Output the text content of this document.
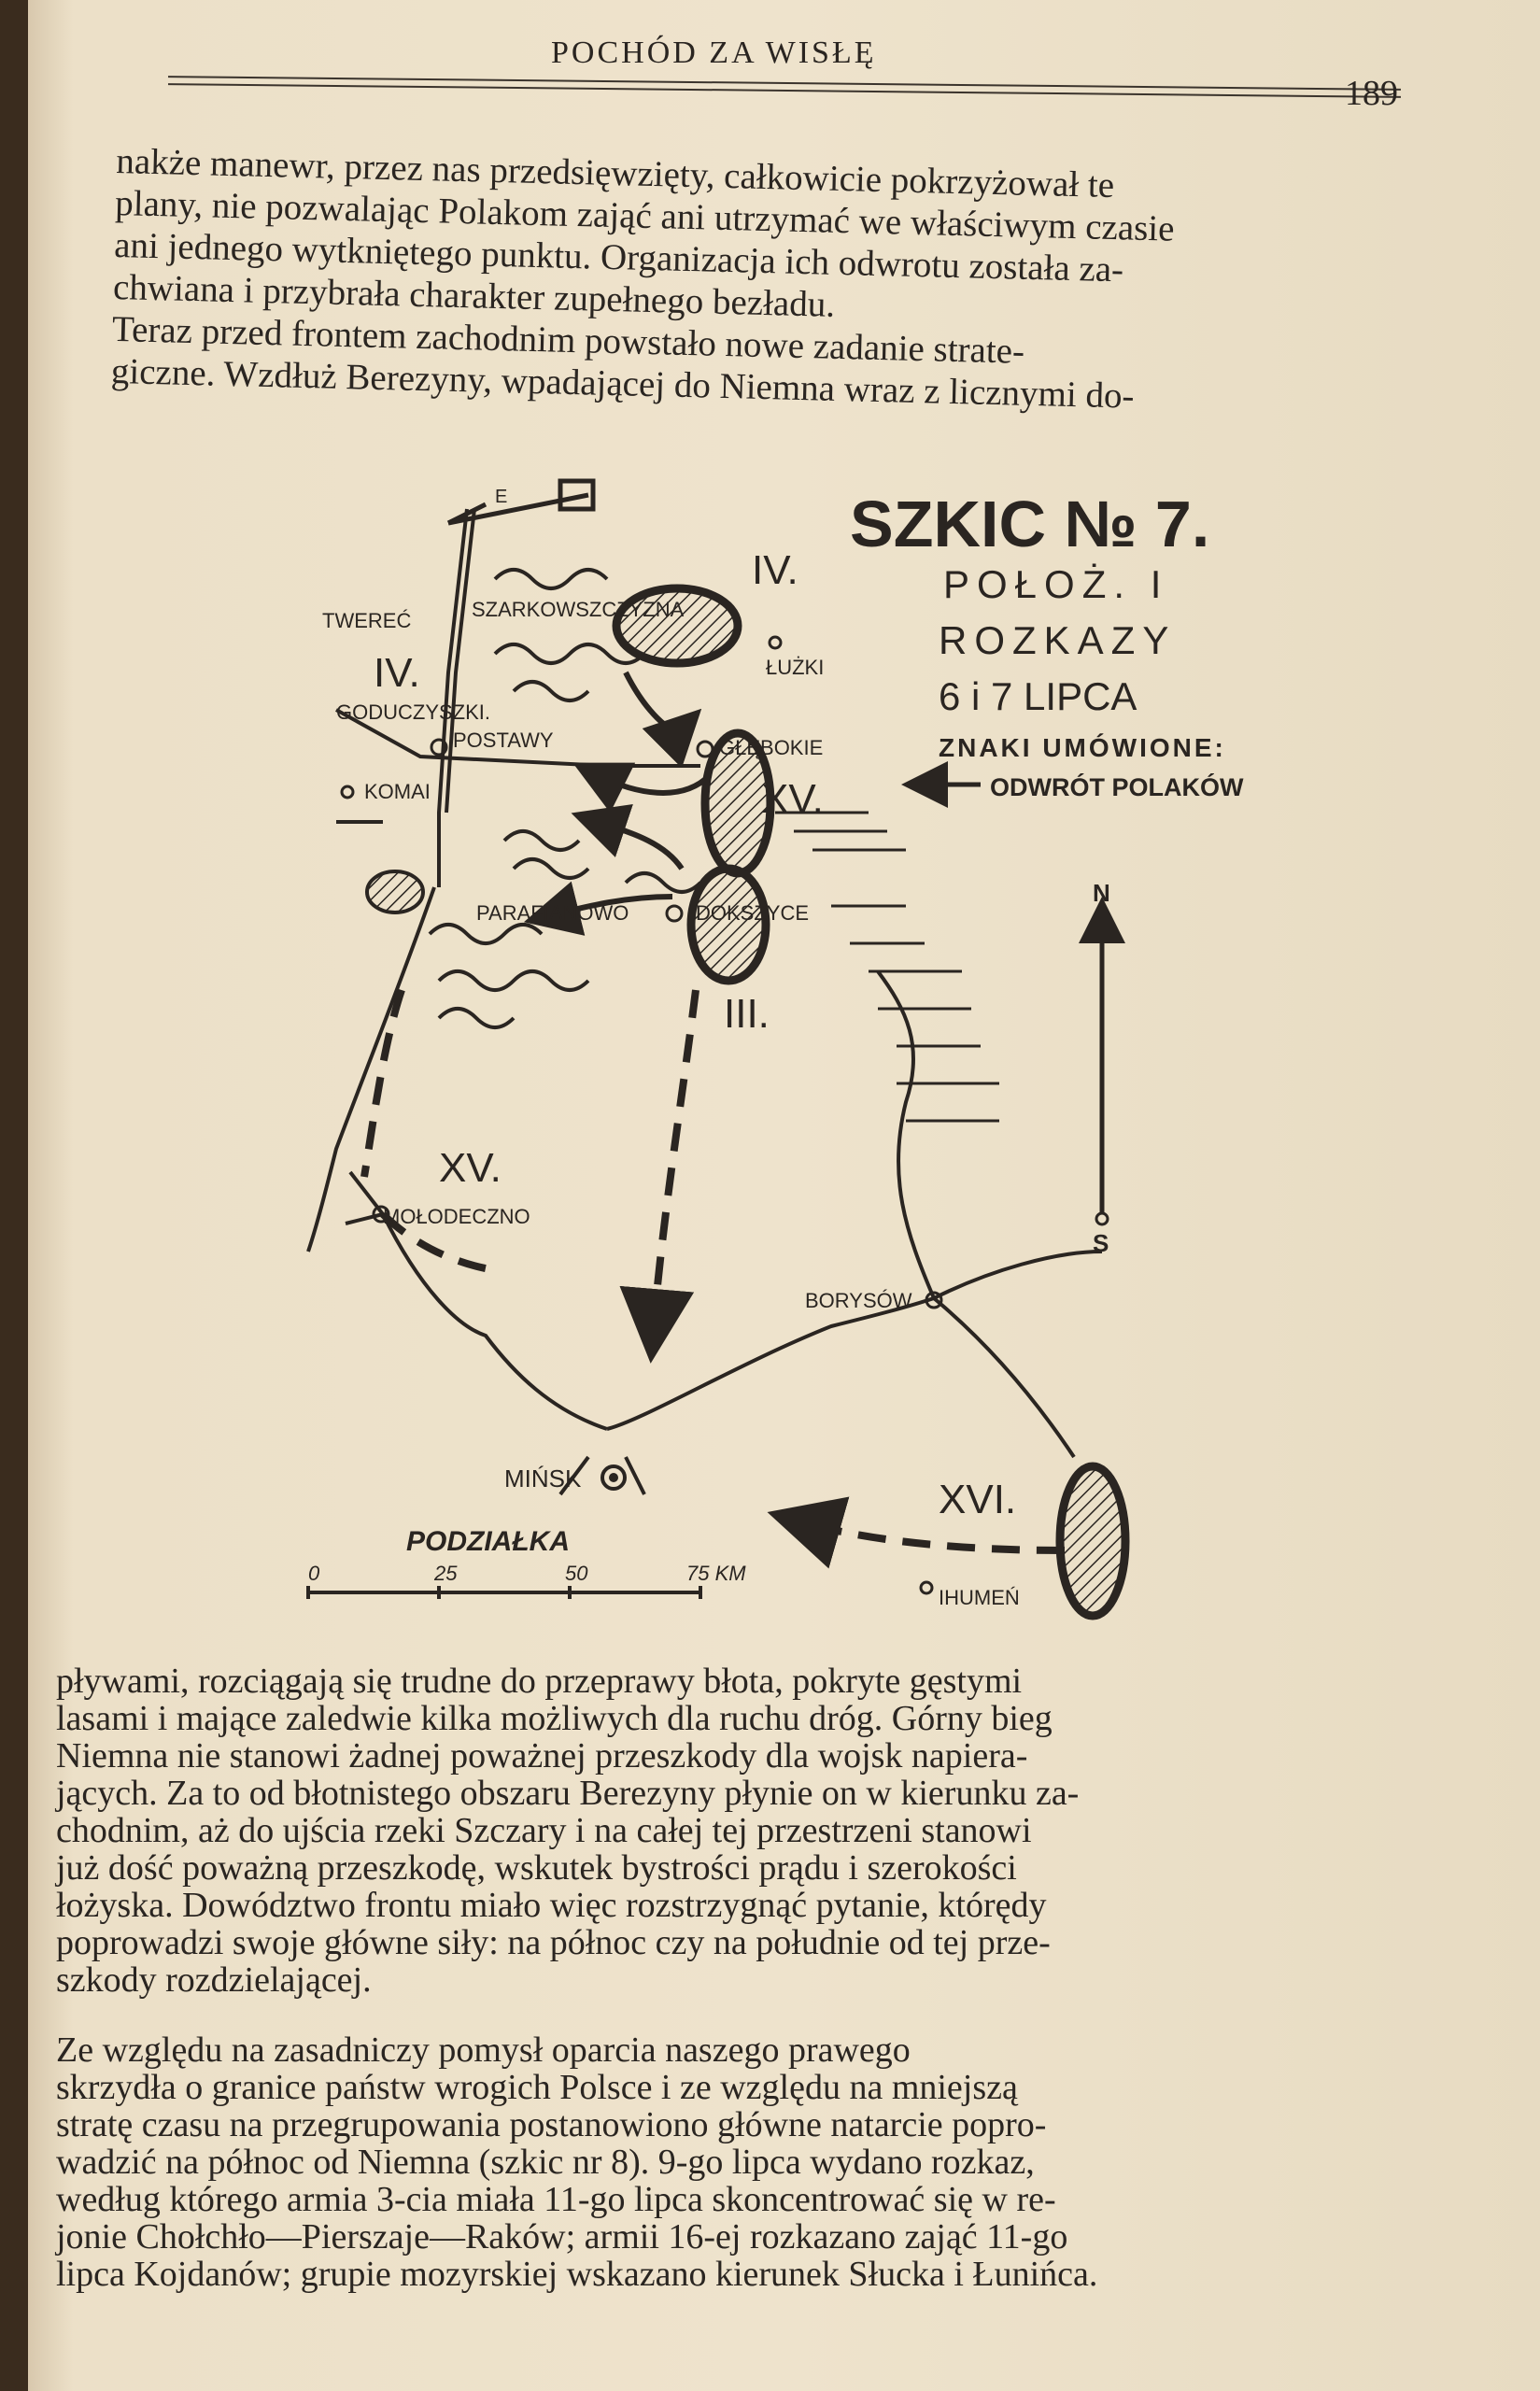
POCHÓD ZA WISŁĘ
189

nakże manewr, przez nas przedsięwzięty, całkowicie pokrzyżował te
plany, nie pozwalając Polakom zająć ani utrzymać we właściwym czasie
ani jednego wytkniętego punktu. Organizacja ich odwrotu została za-
chwiana i przybrała charakter zupełnego bezładu.
Teraz przed frontem zachodnim powstało nowe zadanie strate-
giczne. Wzdłuż Berezyny, wpadającej do Niemna wraz z licznymi do-

E
N
S
SZKIC № 7.
POŁOŻ. I
ROZKAZY
6 i 7 LIPCA
ZNAKI UMÓWIONE:
ODWRÓT POLAKÓW
TWEREĆ	SZARKOWSZCZYZNA
ŁUŻKI
GODUCZYSZKI.
POSTAWY	GŁĘBOKIE
KOMAI
PARAFIANOWO	DOKSZYCE
MOŁODECZNO
BORYSÓW
MIŃSK
IHUMEŃ
IV.
IV.
XV.
III.
XV.
XVI.
PODZIAŁKA
0	25	50	75 KM

pływami, rozciągają się trudne do przeprawy błota, pokryte gęstymi
lasami i mające zaledwie kilka możliwych dla ruchu dróg. Górny bieg
Niemna nie stanowi żadnej poważnej przeszkody dla wojsk napiera-
jących. Za to od błotnistego obszaru Berezyny płynie on w kierunku za-
chodnim, aż do ujścia rzeki Szczary i na całej tej przestrzeni stanowi
już dość poważną przeszkodę, wskutek bystrości prądu i szerokości
łożyska. Dowództwo frontu miało więc rozstrzygnąć pytanie, którędy
poprowadzi swoje główne siły: na północ czy na południe od tej prze-
szkody rozdzielającej.

Ze względu na zasadniczy pomysł oparcia naszego prawego
skrzydła o granice państw wrogich Polsce i ze względu na mniejszą
stratę czasu na przegrupowania postanowiono główne natarcie popro-
wadzić na północ od Niemna (szkic nr 8). 9-go lipca wydano rozkaz,
według którego armia 3-cia miała 11-go lipca skoncentrować się w re-
jonie Chołchło—Pierszaje—Raków; armii 16-ej rozkazano zająć 11-go
lipca Kojdanów; grupie mozyrskiej wskazano kierunek Słucka i Łunińca.
